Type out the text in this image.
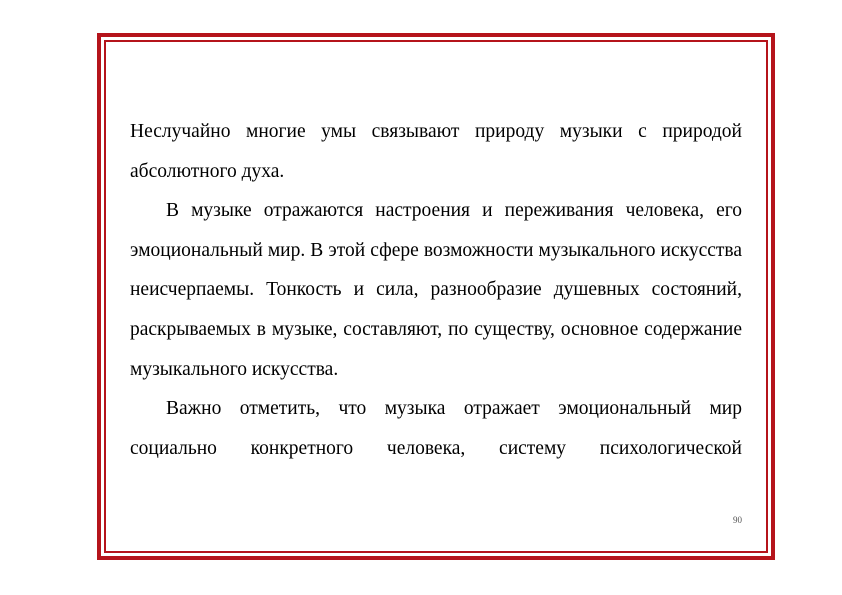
Неслучайно многие умы связывают природу музыки с природой абсолютного духа.

В музыке отражаются настроения и переживания человека, его эмоциональный мир. В этой сфере возможности музыкального искусства неисчерпаемы. Тонкость и сила, разнообразие душевных состояний, раскрываемых в музыке, составляют, по существу, основное содержание музыкального искусства.

Важно отметить, что музыка отражает эмоциональный мир социально конкретного человека, систему психологической

90
